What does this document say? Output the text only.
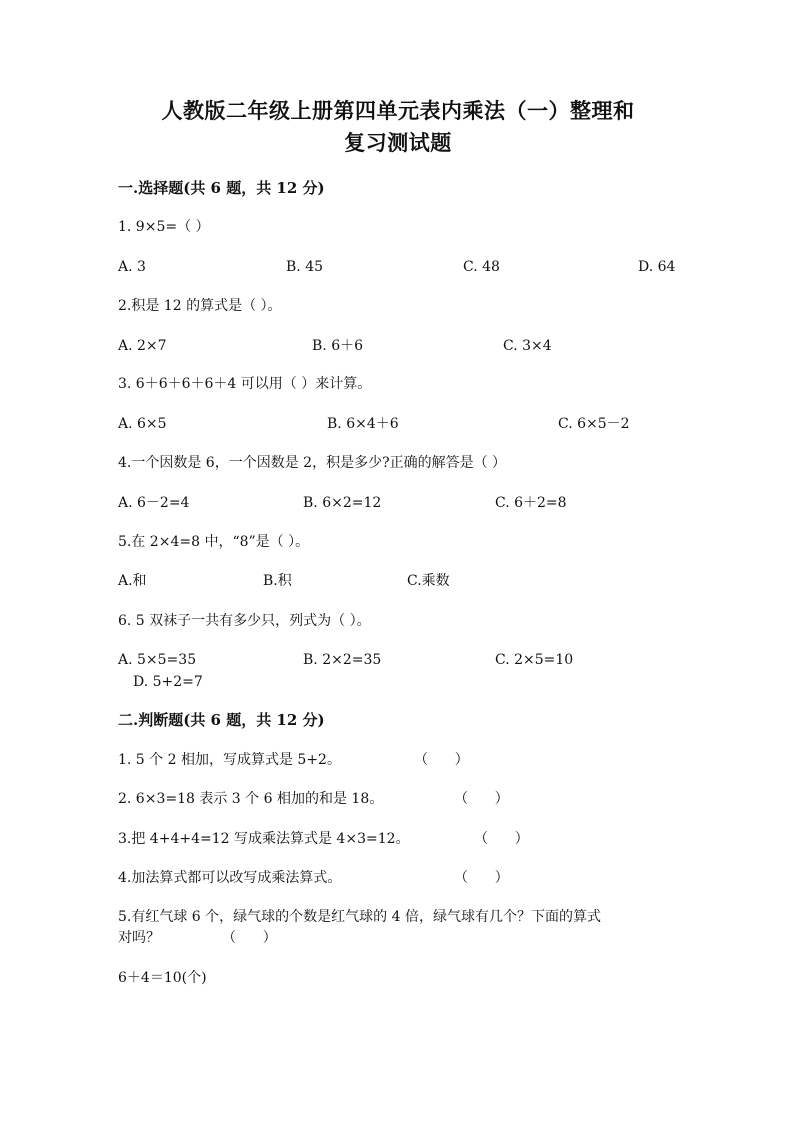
人教版二年级上册第四单元表内乘法（一）整理和
复习测试题
一.选择题(共 6 题，共 12 分)
1. 9×5=（ ）
A. 3	B. 45	C. 48	D. 64
2.积是 12 的算式是（ ）。
A. 2×7	B. 6＋6	C. 3×4
3. 6＋6＋6＋6＋4 可以用（ ）来计算。
A. 6×5	B. 6×4＋6	C. 6×5－2
4.一个因数是 6，一个因数是 2，积是多少?正确的解答是（ ）
A. 6－2=4	B. 6×2=12	C. 6＋2=8
5.在 2×4=8 中，“8”是（ ）。
A.和	B.积	C.乘数
6. 5 双袜子一共有多少只，列式为（ ）。
A. 5×5=35	B. 2×2=35	C. 2×5=10
D. 5+2=7
二.判断题(共 6 题，共 12 分)
1. 5 个 2 相加，写成算式是 5+2。	（      ）
2. 6×3=18 表示 3 个 6 相加的和是 18。	（      ）
3.把 4+4+4=12 写成乘法算式是 4×3=12。	（      ）
4.加法算式都可以改写成乘法算式。	（      ）
5.有红气球 6 个，绿气球的个数是红气球的 4 倍，绿气球有几个？下面的算式
对吗？	（      ）
6＋4＝10(个)
